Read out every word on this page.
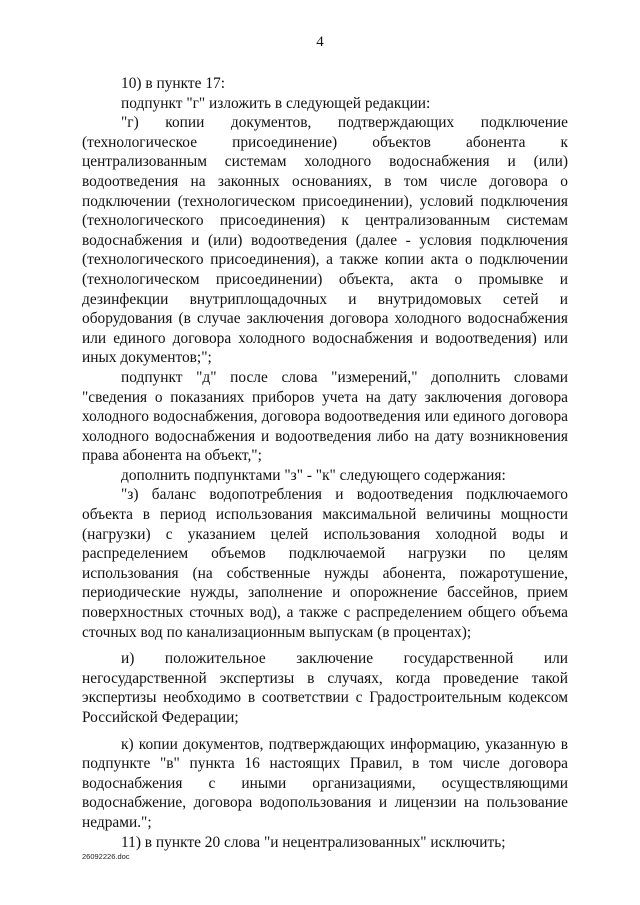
4

10) в пункте 17:

подпункт "г" изложить в следующей редакции:

"г) копии документов, подтверждающих подключение (технологическое присоединение) объектов абонента к централизованным системам холодного водоснабжения и (или) водоотведения на законных основаниях, в том числе договора о подключении (технологическом присоединении), условий подключения (технологического присоединения) к централизованным системам водоснабжения и (или) водоотведения (далее - условия подключения (технологического присоединения), а также копии акта о подключении (технологическом присоединении) объекта, акта о промывке и дезинфекции внутриплощадочных и внутридомовых сетей и оборудования (в случае заключения договора холодного водоснабжения или единого договора холодного водоснабжения и водоотведения) или иных документов;";

подпункт "д" после слова "измерений," дополнить словами "сведения о показаниях приборов учета на дату заключения договора холодного водоснабжения, договора водоотведения или единого договора холодного водоснабжения и водоотведения либо на дату возникновения права абонента на объект,";

дополнить подпунктами "з" - "к" следующего содержания:

"з) баланс водопотребления и водоотведения подключаемого объекта в период использования максимальной величины мощности (нагрузки) с указанием целей использования холодной воды и распределением объемов подключаемой нагрузки по целям использования (на собственные нужды абонента, пожаротушение, периодические нужды, заполнение и опорожнение бассейнов, прием поверхностных сточных вод), а также с распределением общего объема сточных вод по канализационным выпускам (в процентах);

и) положительное заключение государственной или негосударственной экспертизы в случаях, когда проведение такой экспертизы необходимо в соответствии с Градостроительным кодексом Российской Федерации;

к) копии документов, подтверждающих информацию, указанную в подпункте "в" пункта 16 настоящих Правил, в том числе договора водоснабжения с иными организациями, осуществляющими водоснабжение, договора водопользования и лицензии на пользование недрами.";

11) в пункте 20 слова "и нецентрализованных" исключить;

26092226.doc
